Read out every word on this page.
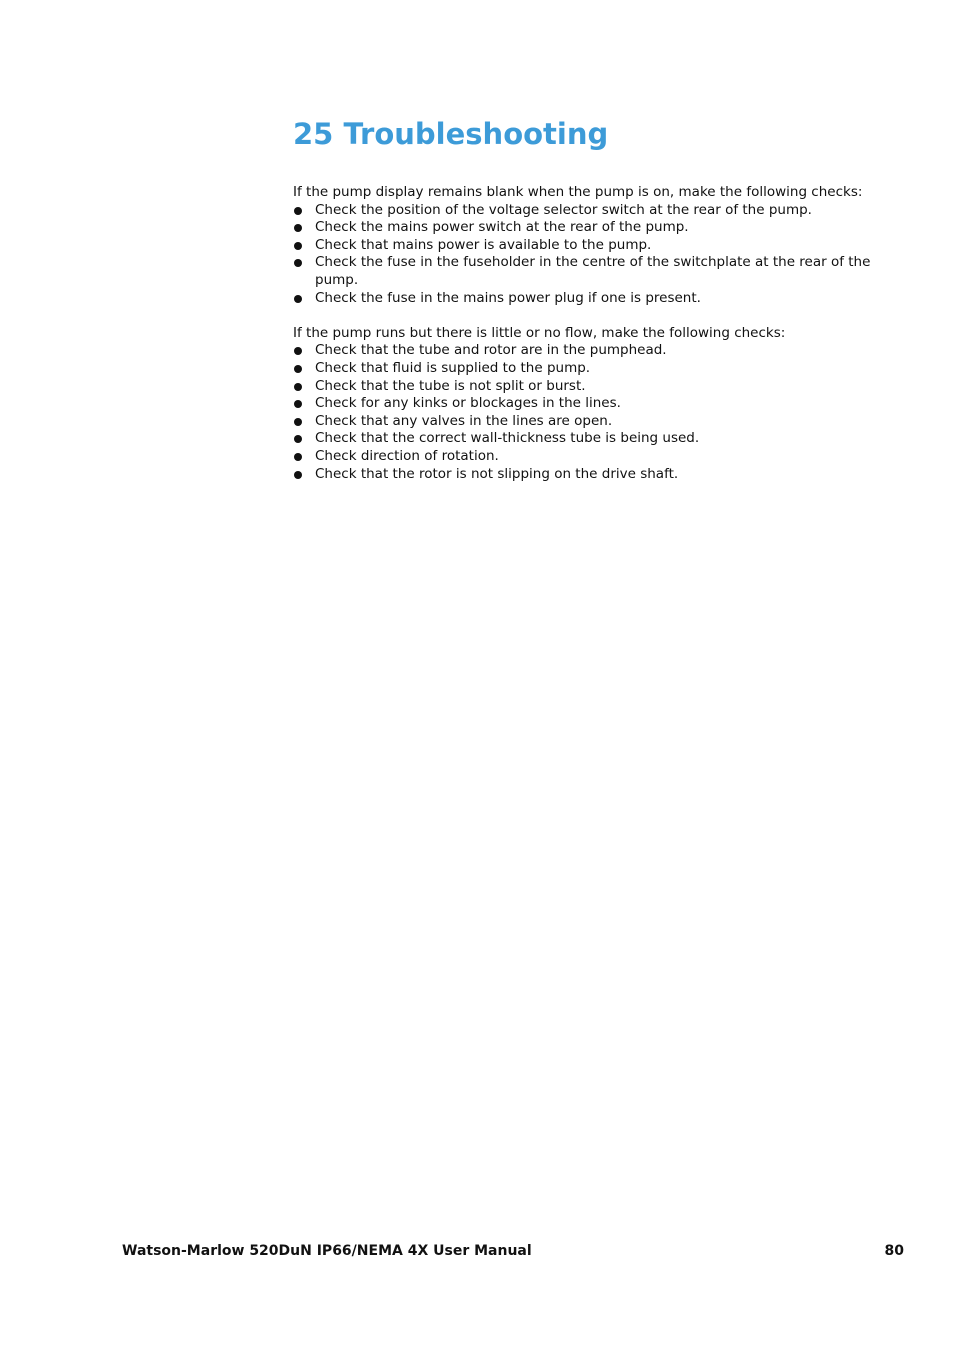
25 Troubleshooting

If the pump display remains blank when the pump is on, make the following checks:

Check the position of the voltage selector switch at the rear of the pump.
Check the mains power switch at the rear of the pump.
Check that mains power is available to the pump.
Check the fuse in the fuseholder in the centre of the switchplate at the rear of the pump.
Check the fuse in the mains power plug if one is present.

If the pump runs but there is little or no flow, make the following checks:

Check that the tube and rotor are in the pumphead.
Check that fluid is supplied to the pump.
Check that the tube is not split or burst.
Check for any kinks or blockages in the lines.
Check that any valves in the lines are open.
Check that the correct wall-thickness tube is being used.
Check direction of rotation.
Check that the rotor is not slipping on the drive shaft.
Watson-Marlow 520DuN IP66/NEMA 4X User Manual	80
